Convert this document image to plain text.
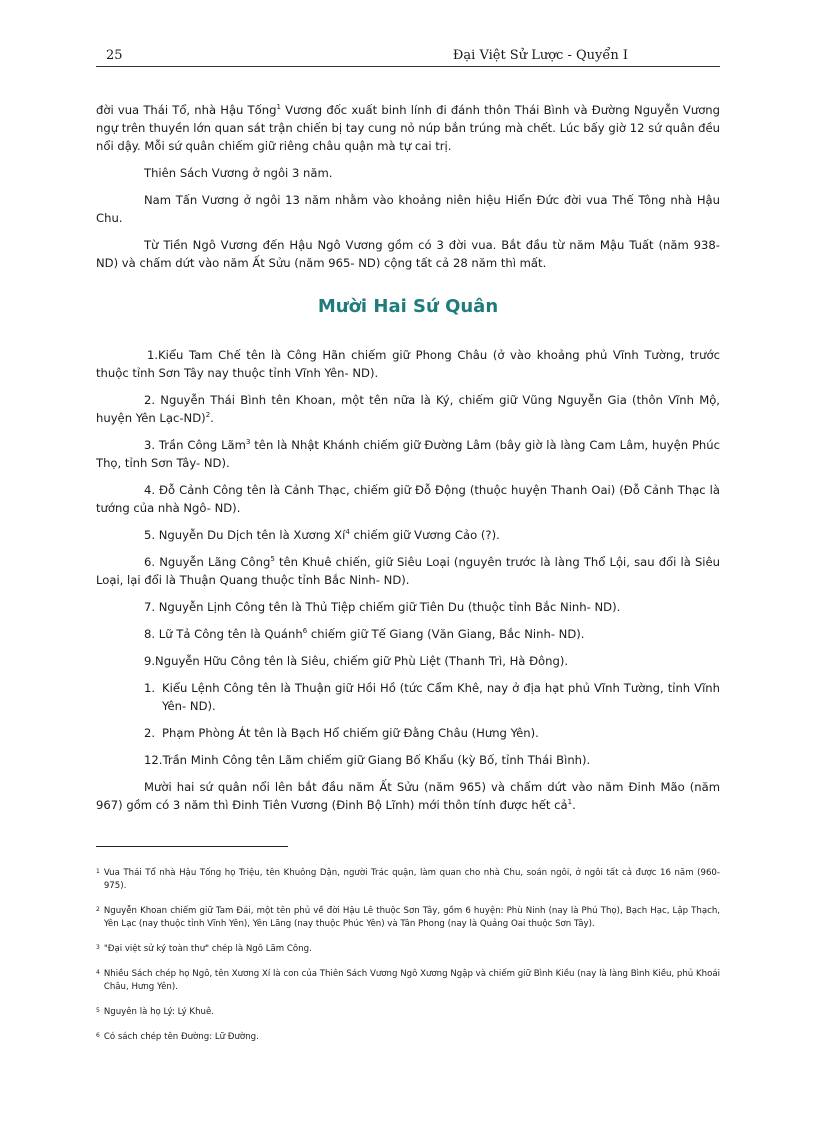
25	Đại Việt Sử Lược - Quyển I

đời vua Thái Tổ, nhà Hậu Tống$^1$ Vương đốc xuất binh lính đi đánh thôn Thái Bình và Đường Nguyễn Vương ngự trên thuyền lớn quan sát trận chiến bị tay cung nỏ núp bắn trúng mà chết. Lúc bấy giờ 12 sứ quân đều nổi dậy. Mỗi sứ quân chiếm giữ riêng châu quận mà tự cai trị.

Thiên Sách Vương ở ngôi 3 năm.

Nam Tấn Vương ở ngôi 13 năm nhằm vào khoảng niên hiệu Hiển Đức đời vua Thế Tông nhà Hậu Chu.

Từ Tiền Ngô Vương đến Hậu Ngô Vương gồm có 3 đời vua. Bắt đầu từ năm Mậu Tuất (năm 938- ND) và chấm dứt vào năm Ất Sửu (năm 965- ND) cộng tất cả 28 năm thì mất.

Mười Hai Sứ Quân

1.Kiểu Tam Chế tên là Công Hãn chiếm giữ Phong Châu (ở vào khoảng phủ Vĩnh Tường, trước thuộc tỉnh Sơn Tây nay thuộc tỉnh Vĩnh Yên- ND).

2. Nguyễn Thái Bình tên Khoan, một tên nữa là Ký, chiếm giữ Vũng Nguyễn Gia (thôn Vĩnh Mộ, huyện Yên Lạc-ND)$^2$.

3. Trần Công Lãm$^3$ tên là Nhật Khánh chiếm giữ Đường Lâm (bây giờ là làng Cam Lâm, huyện Phúc Thọ, tỉnh Sơn Tây- ND).

4. Đỗ Cảnh Công tên là Cảnh Thạc, chiếm giữ Đỗ Động (thuộc huyện Thanh Oai) (Đỗ Cảnh Thạc là tướng của nhà Ngô- ND).

5. Nguyễn Du Dịch tên là Xương $Xí^4$ chiếm giữ Vương Cảo (?).

6. Nguyễn Lãng Công$^5$ tên Khuê chiến, giữ Siêu Loại (nguyên trước là làng Thổ Lội, sau đổi là Siêu Loại, lại đổi là Thuận Quang thuộc tỉnh Bắc Ninh- ND).

7. Nguyễn Lịnh Công tên là Thủ Tiệp chiếm giữ Tiên Du (thuộc tỉnh Bắc Ninh- ND).

8. Lữ Tả Công tên là Quánh$^6$ chiếm giữ Tế Giang (Văn Giang, Bắc Ninh- ND).

9.Nguyễn Hữu Công tên là Siêu, chiếm giữ Phù Liệt (Thanh Trì, Hà Đông).

1. Kiểu Lệnh Công tên là Thuận giữ Hồi Hồ (tức Cẩm Khê, nay ở địa hạt phủ Vĩnh Tường, tỉnh Vĩnh Yên- ND).
2. Phạm Phòng Át tên là Bạch Hổ chiếm giữ Đằng Châu (Hưng Yên).

12.Trần Minh Công tên Lãm chiếm giữ Giang Bố Khẩu (kỳ Bố, tỉnh Thái Bình).

Mười hai sứ quân nổi lên bắt đầu năm Ất Sửu (năm 965) và chấm dứt vào năm Đinh Mão (năm 967) gồm có 3 năm thì Đinh Tiên Vương (Đinh Bộ Lĩnh) mới thôn tính được hết cả$^1$.

1 Vua Thái Tổ nhà Hậu Tống họ Triệu, tên Khuông Dận, người Trác quận, làm quan cho nhà Chu, soán ngôi, ở ngôi tất cả được 16 năm (960- 975).

2 Nguyễn Khoan chiếm giữ Tam Đái, một tên phủ về đời Hậu Lê thuộc Sơn Tây, gồm 6 huyện: Phù Ninh (nay là Phú Thọ), Bạch Hạc, Lập Thạch, Yên Lạc (nay thuộc tỉnh Vĩnh Yên), Yên Lãng (nay thuộc Phúc Yên) và Tân Phong (nay là Quảng Oai thuộc Sơn Tây).

3 "Đại việt sử ký toàn thư" chép là Ngô Lãm Công.

4 Nhiều Sách chép họ Ngô, tên Xương Xí là con của Thiên Sách Vương Ngô Xương Ngập và chiếm giữ Bình Kiều (nay là làng Bình Kiều, phủ Khoái Châu, Hưng Yên).

5 Nguyên là họ Lý: Lý Khuê.

6 Có sách chép tên Đường: Lữ Đường.
